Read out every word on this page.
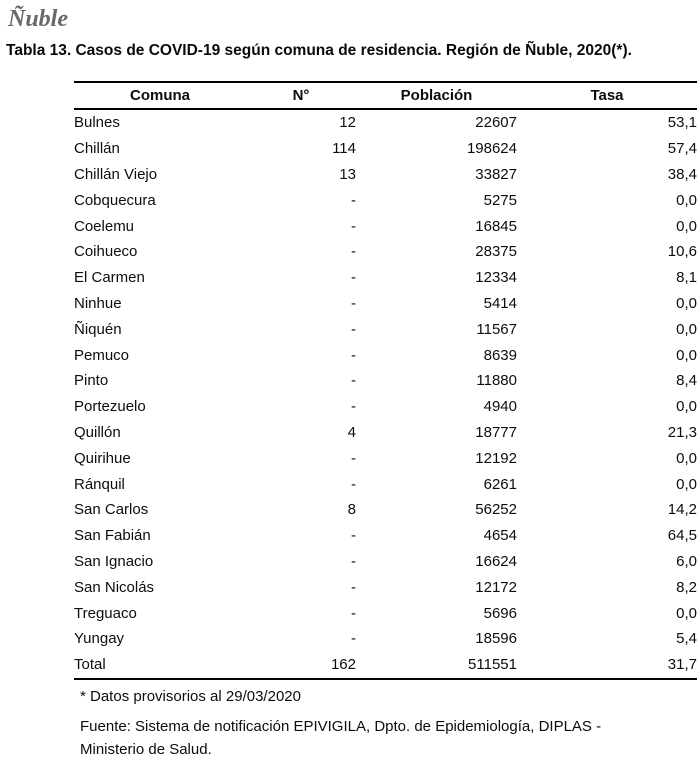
Ñuble
Tabla 13. Casos de COVID-19 según comuna de residencia. Región de Ñuble, 2020(*).
Comuna	N°	Población	Tasa
Bulnes	12	22607	53,1
Chillán	114	198624	57,4
Chillán Viejo	13	33827	38,4
Cobquecura	-	5275	0,0
Coelemu	-	16845	0,0
Coihueco	-	28375	10,6
El Carmen	-	12334	8,1
Ninhue	-	5414	0,0
Ñiquén	-	11567	0,0
Pemuco	-	8639	0,0
Pinto	-	11880	8,4
Portezuelo	-	4940	0,0
Quillón	4	18777	21,3
Quirihue	-	12192	0,0
Ránquil	-	6261	0,0
San Carlos	8	56252	14,2
San Fabián	-	4654	64,5
San Ignacio	-	16624	6,0
San Nicolás	-	12172	8,2
Treguaco	-	5696	0,0
Yungay	-	18596	5,4
Total	162	511551	31,7
* Datos provisorios al 29/03/2020
Fuente: Sistema de notificación EPIVIGILA, Dpto. de Epidemiología, DIPLAS -
Ministerio de Salud.
